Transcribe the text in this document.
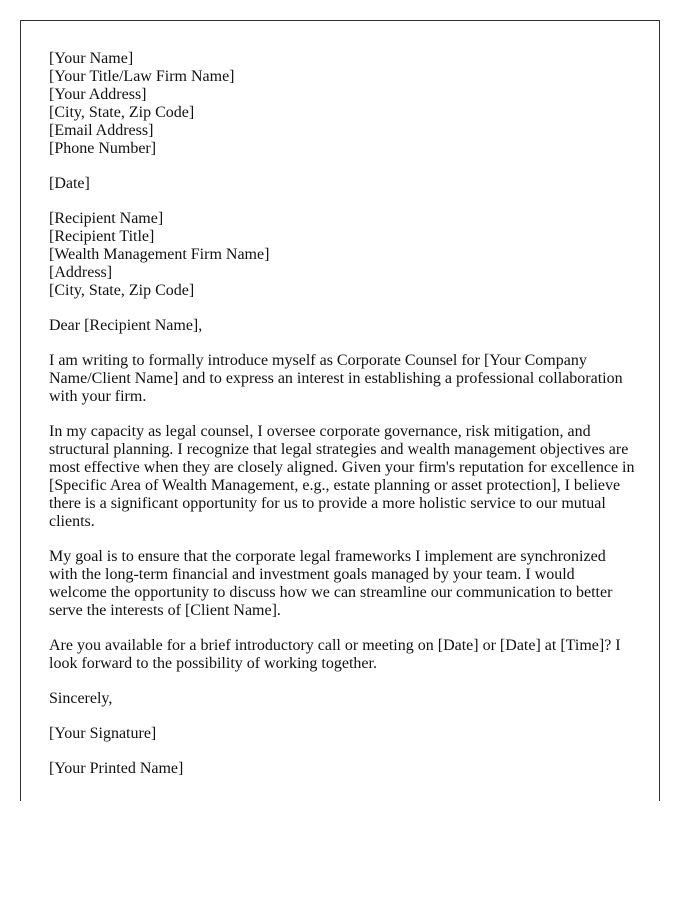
[Your Name]
[Your Title/Law Firm Name]
[Your Address]
[City, State, Zip Code]
[Email Address]
[Phone Number]
[Date]
[Recipient Name]
[Recipient Title]
[Wealth Management Firm Name]
[Address]
[City, State, Zip Code]

Dear [Recipient Name],

I am writing to formally introduce myself as Corporate Counsel for [Your Company Name/Client Name] and to express an interest in establishing a professional collaboration with your firm.

In my capacity as legal counsel, I oversee corporate governance, risk mitigation, and structural planning. I recognize that legal strategies and wealth management objectives are most effective when they are closely aligned. Given your firm's reputation for excellence in [Specific Area of Wealth Management, e.g., estate planning or asset protection], I believe there is a significant opportunity for us to provide a more holistic service to our mutual clients.

My goal is to ensure that the corporate legal frameworks I implement are synchronized with the long-term financial and investment goals managed by your team. I would welcome the opportunity to discuss how we can streamline our communication to better serve the interests of [Client Name].

Are you available for a brief introductory call or meeting on [Date] or [Date] at [Time]? I look forward to the possibility of working together.

Sincerely,

[Your Signature]

[Your Printed Name]
